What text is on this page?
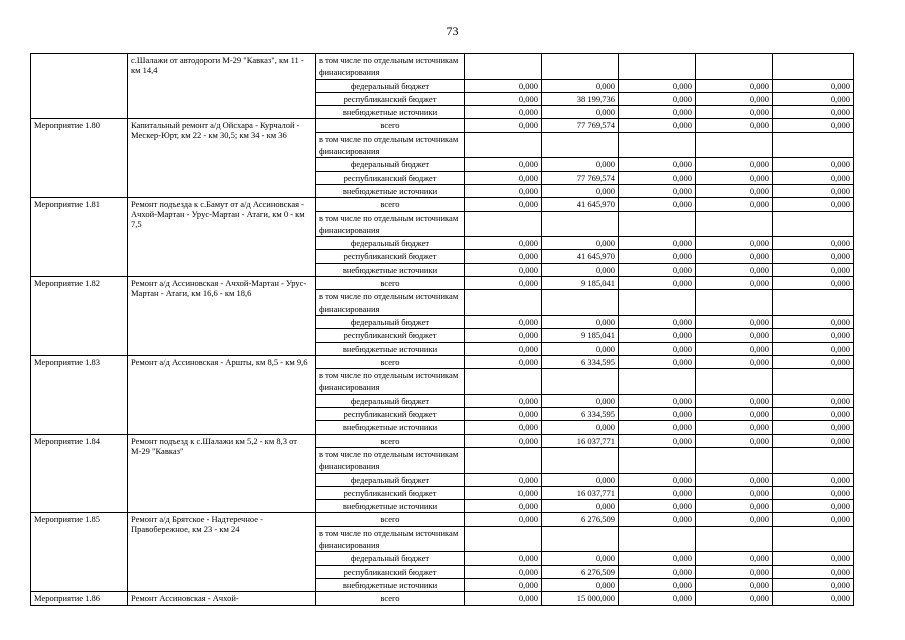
73
	с.Шалажи от автодороги М-29 "Кавказ", км 11 - км 14,4	в том числе по отдельным источникам финансирования					
		федеральный бюджет	0,000	0,000	0,000	0,000	0,000
		республиканский бюджет	0,000	38 199,736	0,000	0,000	0,000
		внебюджетные источники	0,000	0,000	0,000	0,000	0,000
Мероприятие 1.80	Капитальный ремонт а/д Ойсхара - Курчалой - Мескер-Юрт, км 22 - км 30,5; км 34 - км 36	всего	0,000	77 769,574	0,000	0,000	0,000
		в том числе по отдельным источникам финансирования					
		федеральный бюджет	0,000	0,000	0,000	0,000	0,000
		республиканский бюджет	0,000	77 769,574	0,000	0,000	0,000
		внебюджетные источники	0,000	0,000	0,000	0,000	0,000
Мероприятие 1.81	Ремонт подъезда к с.Бамут от а/д Ассиновская - Ачхой-Мартан - Урус-Мартан - Атаги, км 0 - км 7,5	всего	0,000	41 645,970	0,000	0,000	0,000
		в том числе по отдельным источникам финансирования					
		федеральный бюджет	0,000	0,000	0,000	0,000	0,000
		республиканский бюджет	0,000	41 645,970	0,000	0,000	0,000
		внебюджетные источники	0,000	0,000	0,000	0,000	0,000
Мероприятие 1.82	Ремонт а/д Ассиновская - Ачхой-Мартан - Урус-Мартан - Атаги, км 16,6 - км 18,6	всего	0,000	9 185,041	0,000	0,000	0,000
		в том числе по отдельным источникам финансирования					
		федеральный бюджет	0,000	0,000	0,000	0,000	0,000
		республиканский бюджет	0,000	9 185,041	0,000	0,000	0,000
		внебюджетные источники	0,000	0,000	0,000	0,000	0,000
Мероприятие 1.83	Ремонт а/д Ассиновская - Аршты, км 8,5 - км 9,6	всего	0,000	6 334,595	0,000	0,000	0,000
		в том числе по отдельным источникам финансирования					
		федеральный бюджет	0,000	0,000	0,000	0,000	0,000
		республиканский бюджет	0,000	6 334,595	0,000	0,000	0,000
		внебюджетные источники	0,000	0,000	0,000	0,000	0,000
Мероприятие 1.84	Ремонт подъезд к с.Шалажи км 5,2 - км 8,3 от М-29 "Кавказ"	всего	0,000	16 037,771	0,000	0,000	0,000
		в том числе по отдельным источникам финансирования					
		федеральный бюджет	0,000	0,000	0,000	0,000	0,000
		республиканский бюджет	0,000	16 037,771	0,000	0,000	0,000
		внебюджетные источники	0,000	0,000	0,000	0,000	0,000
Мероприятие 1.85	Ремонт а/д Брятское - Надтеречное - Правобережное, км 23 - км 24	всего	0,000	6 276,509	0,000	0,000	0,000
		в том числе по отдельным источникам финансирования					
		федеральный бюджет	0,000	0,000	0,000	0,000	0,000
		республиканский бюджет	0,000	6 276,509	0,000	0,000	0,000
		внебюджетные источники	0,000	0,000	0,000	0,000	0,000
Мероприятие 1.86	Ремонт Ассиновская - Ачхой-	всего	0,000	15 000,000	0,000	0,000	0,000
